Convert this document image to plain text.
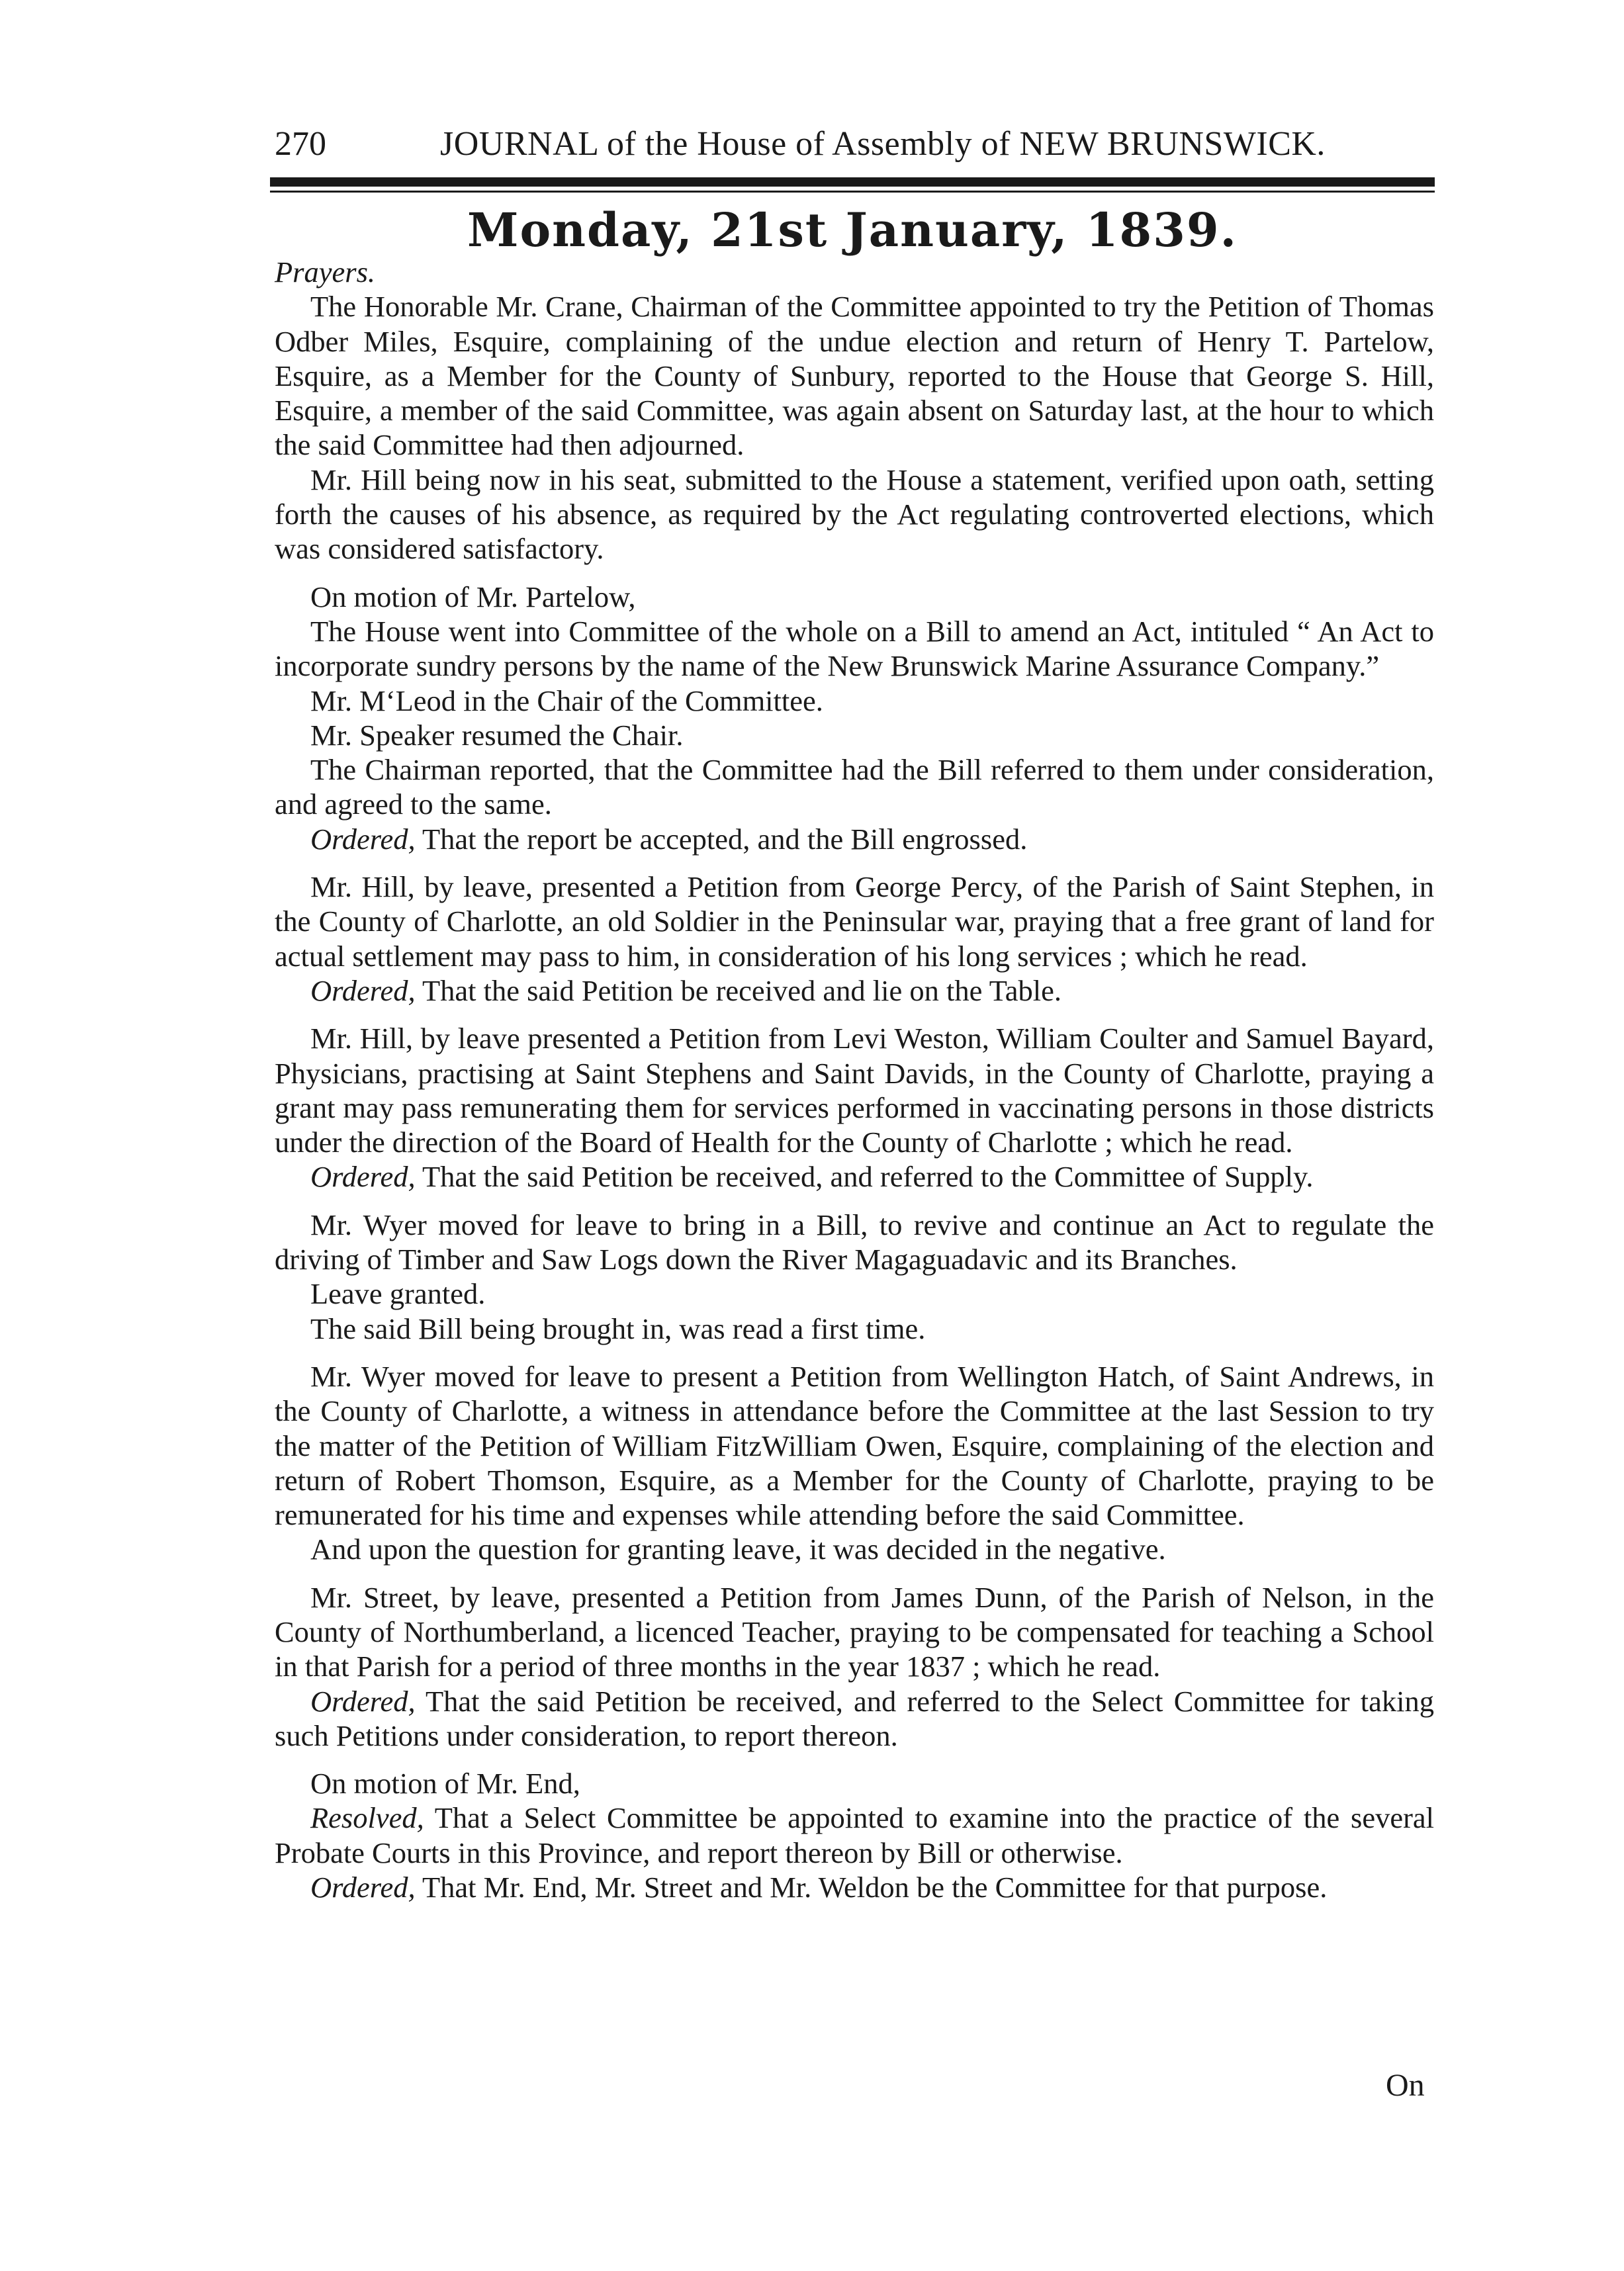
270	JOURNAL of the House of Assembly of NEW BRUNSWICK.
Monday, 21st January, 1839.

Prayers.

The Honorable Mr. Crane, Chairman of the Committee appointed to try the Petition of Thomas Odber Miles, Esquire, complaining of the undue election and return of Henry T. Partelow, Esquire, as a Member for the County of Sunbury, reported to the House that George S. Hill, Esquire, a member of the said Committee, was again absent on Saturday last, at the hour to which the said Committee had then adjourned.

Mr. Hill being now in his seat, submitted to the House a statement, verified upon oath, setting forth the causes of his absence, as required by the Act regulating controverted elections, which was considered satisfactory.

On motion of Mr. Partelow,

The House went into Committee of the whole on a Bill to amend an Act, intituled “ An Act to incorporate sundry persons by the name of the New Brunswick Marine Assurance Company.”

Mr. M‘Leod in the Chair of the Committee.

Mr. Speaker resumed the Chair.

The Chairman reported, that the Committee had the Bill referred to them under consideration, and agreed to the same.

Ordered, That the report be accepted, and the Bill engrossed.

Mr. Hill, by leave, presented a Petition from George Percy, of the Parish of Saint Stephen, in the County of Charlotte, an old Soldier in the Peninsular war, praying that a free grant of land for actual settlement may pass to him, in consideration of his long services ; which he read.

Ordered, That the said Petition be received and lie on the Table.

Mr. Hill, by leave presented a Petition from Levi Weston, William Coulter and Samuel Bayard, Physicians, practising at Saint Stephens and Saint Davids, in the County of Charlotte, praying a grant may pass remunerating them for services performed in vaccinating persons in those districts under the direction of the Board of Health for the County of Charlotte ; which he read.

Ordered, That the said Petition be received, and referred to the Committee of Supply.

Mr. Wyer moved for leave to bring in a Bill, to revive and continue an Act to regulate the driving of Timber and Saw Logs down the River Magaguadavic and its Branches.

Leave granted.

The said Bill being brought in, was read a first time.

Mr. Wyer moved for leave to present a Petition from Wellington Hatch, of Saint Andrews, in the County of Charlotte, a witness in attendance before the Committee at the last Session to try the matter of the Petition of William FitzWilliam Owen, Esquire, complaining of the election and return of Robert Thomson, Esquire, as a Member for the County of Charlotte, praying to be remunerated for his time and expenses while attending before the said Committee.

And upon the question for granting leave, it was decided in the negative.

Mr. Street, by leave, presented a Petition from James Dunn, of the Parish of Nelson, in the County of Northumberland, a licenced Teacher, praying to be compensated for teaching a School in that Parish for a period of three months in the year 1837 ; which he read.

Ordered, That the said Petition be received, and referred to the Select Committee for taking such Petitions under consideration, to report thereon.

On motion of Mr. End,

Resolved, That a Select Committee be appointed to examine into the practice of the several Probate Courts in this Province, and report thereon by Bill or otherwise.

Ordered, That Mr. End, Mr. Street and Mr. Weldon be the Committee for that purpose.

On
